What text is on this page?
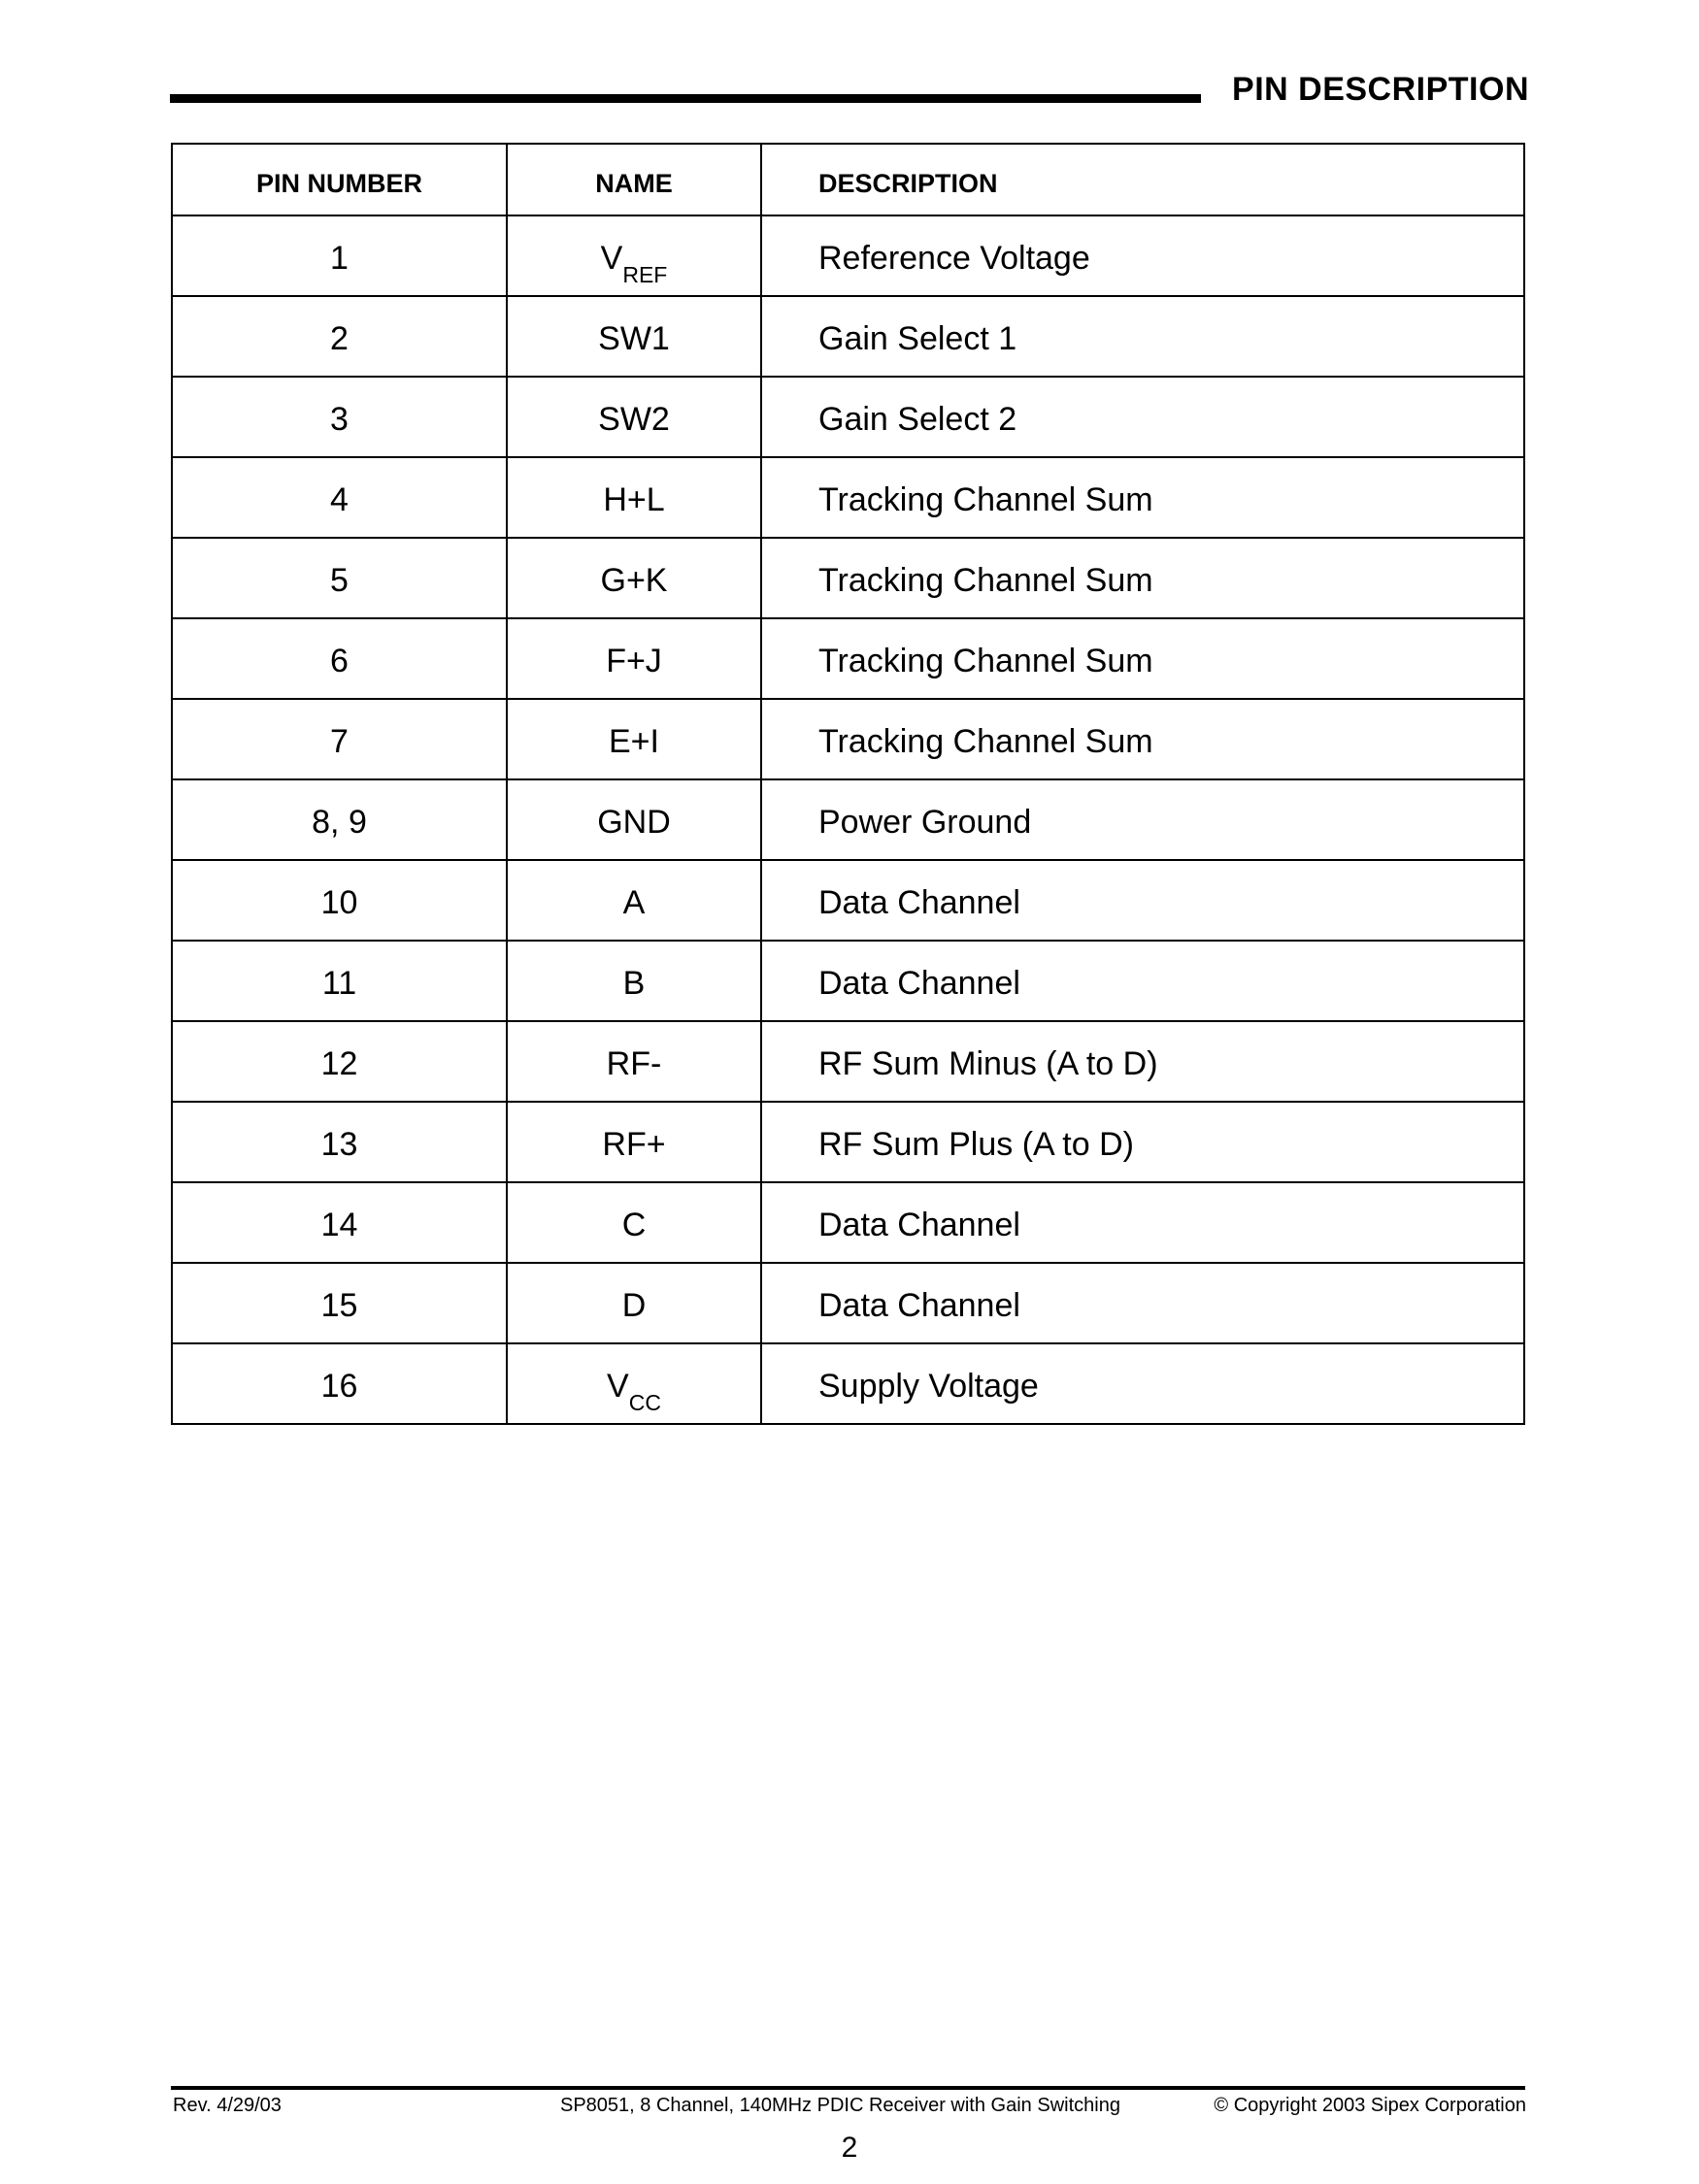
PIN DESCRIPTION
PIN NUMBER	NAME	DESCRIPTION
1	$V_{REF}$	Reference Voltage
2	SW1	Gain Select 1
3	SW2	Gain Select 2
4	H+L	Tracking Channel Sum
5	G+K	Tracking Channel Sum
6	F+J	Tracking Channel Sum
7	E+I	Tracking Channel Sum
8, 9	GND	Power Ground
10	A	Data Channel
11	B	Data Channel
12	RF-	RF Sum Minus (A to D)
13	RF+	RF Sum Plus (A to D)
14	C	Data Channel
15	D	Data Channel
16	$V_{CC}$	Supply Voltage
Rev. 4/29/03	SP8051, 8 Channel, 140MHz PDIC Receiver with Gain Switching	© Copyright 2003 Sipex Corporation
2
